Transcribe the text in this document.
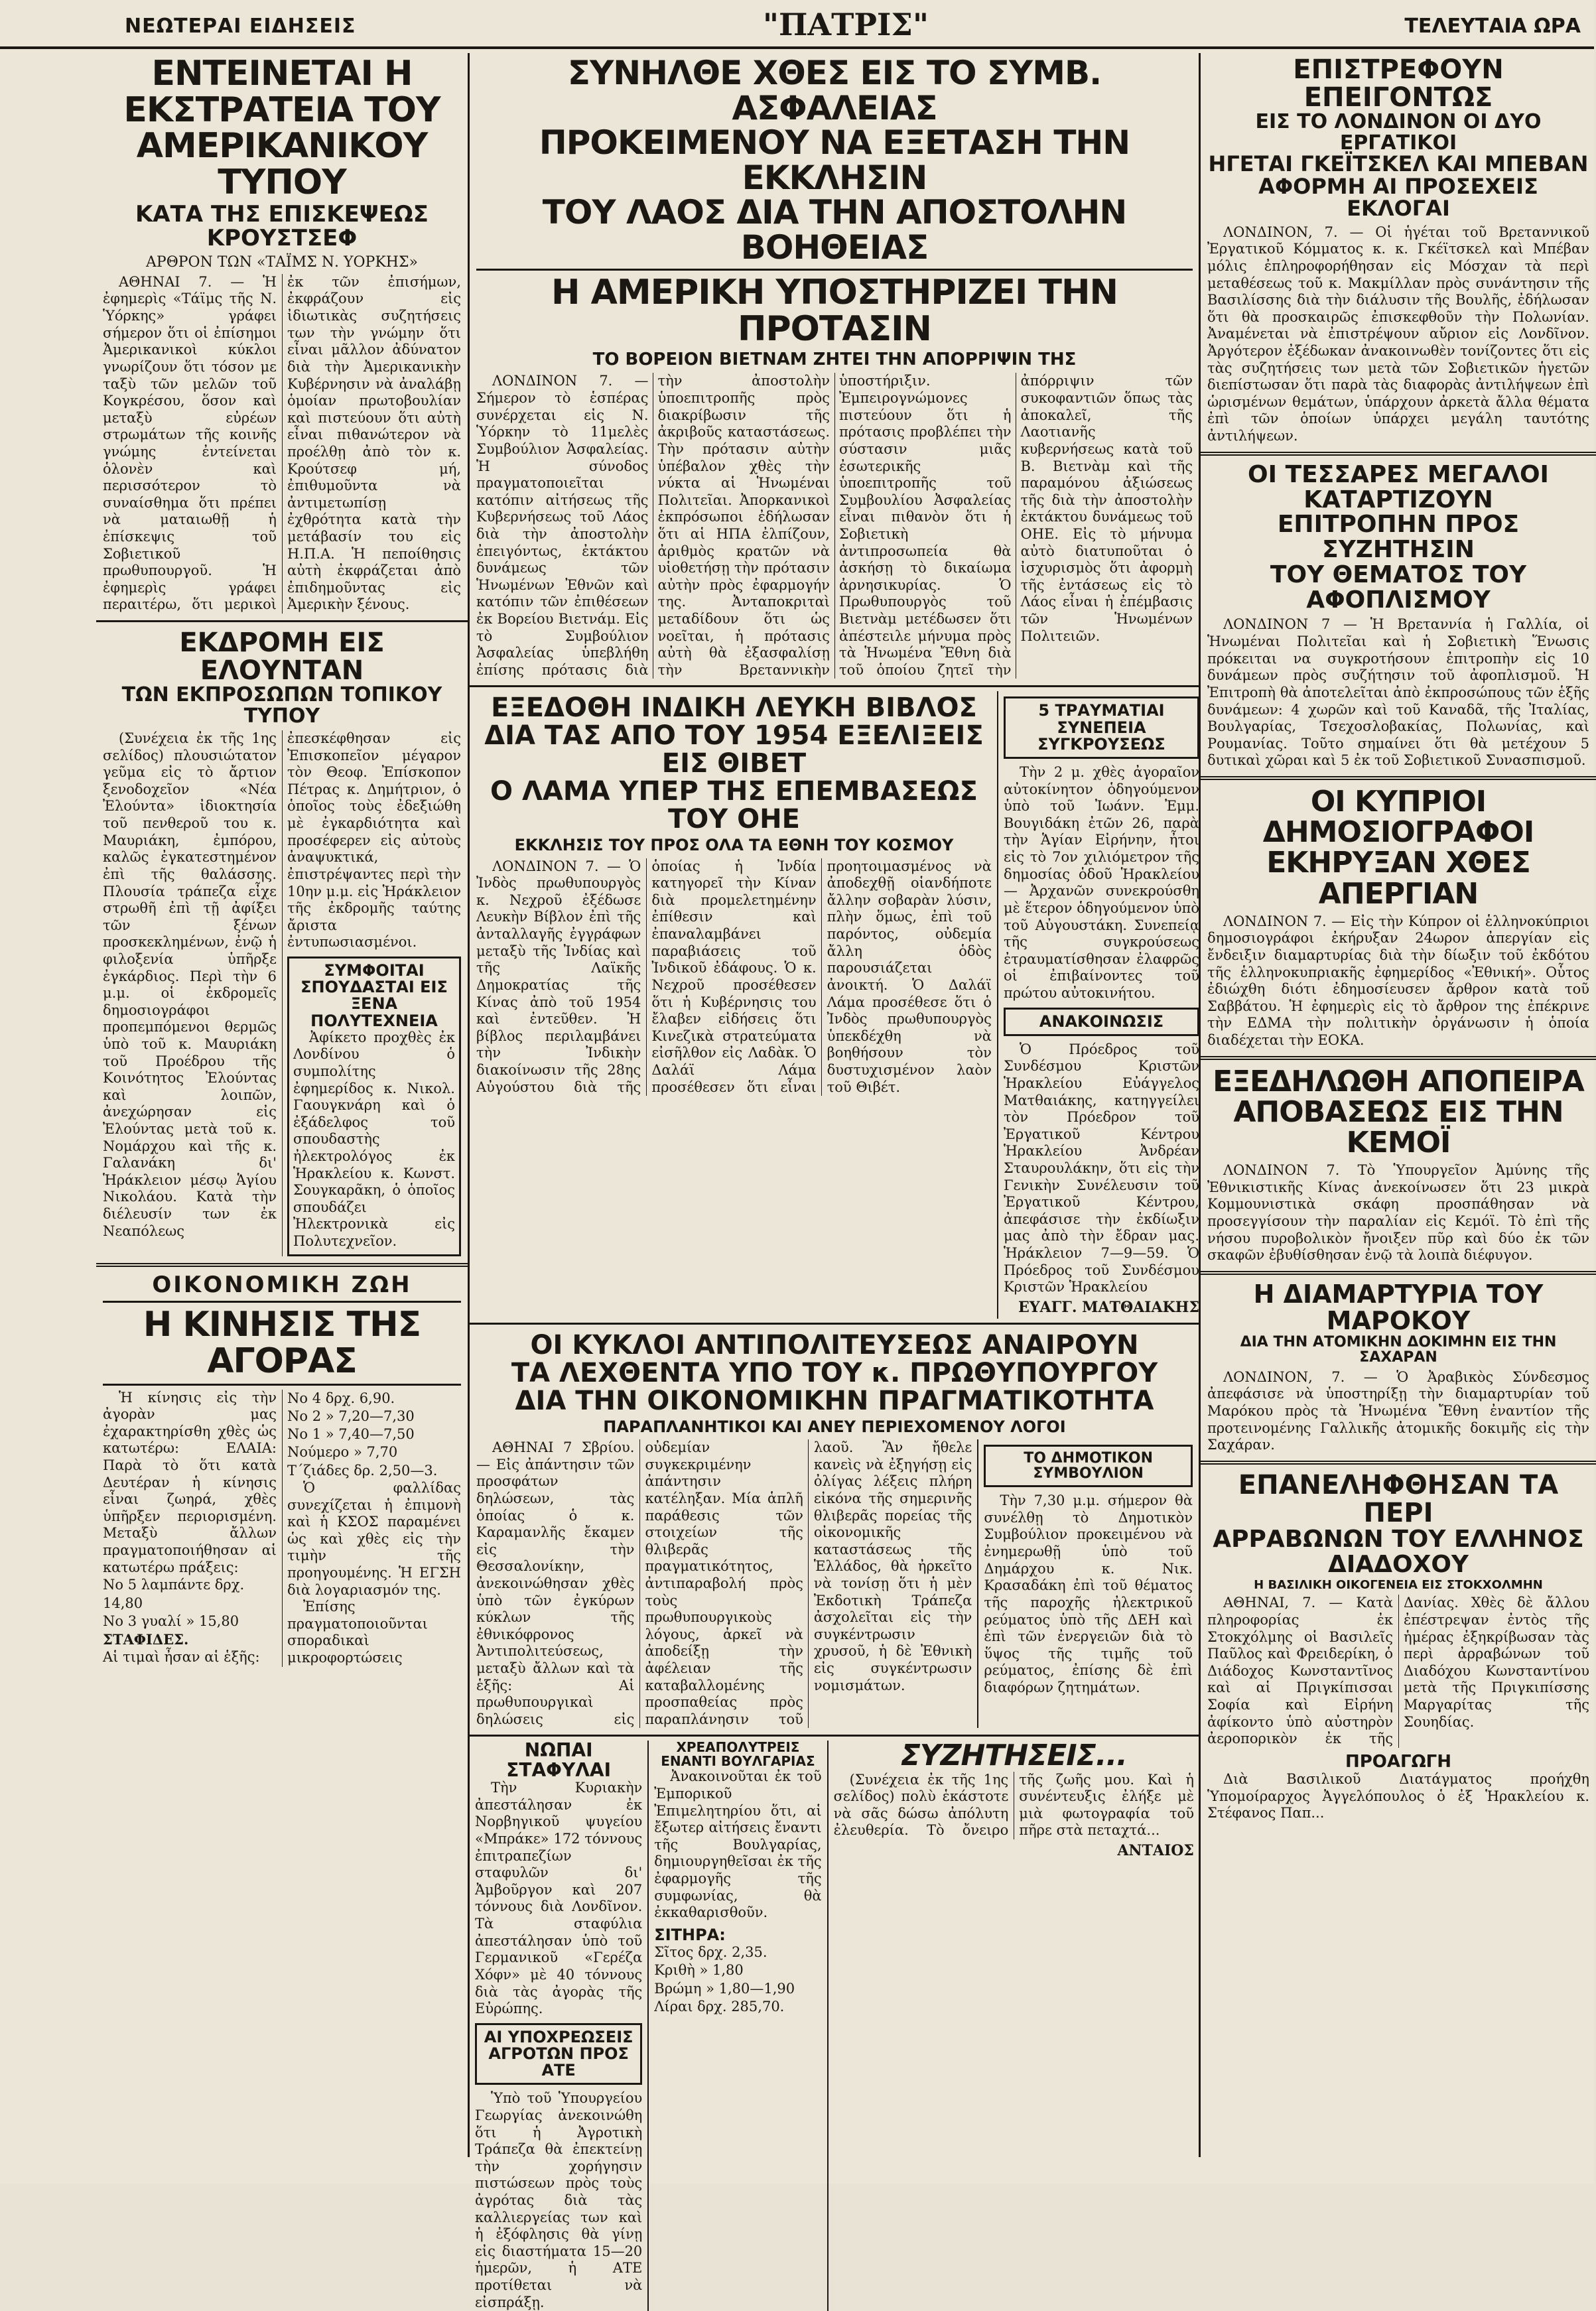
ΝΕΩΤΕΡΑΙ ΕΙΔΗΣΕΙΣ	"ΠΑΤΡΙΣ"	ΤΕΛΕΥΤΑΙΑ ΩΡΑ
ΕΝΤΕΙΝΕΤΑΙ Η ΕΚΣΤΡΑΤΕΙΑ ΤΟΥ ΑΜΕΡΙΚΑΝΙΚΟΥ ΤΥΠΟΥ
ΚΑΤΑ ΤΗΣ ΕΠΙΣΚΕΨΕΩΣ ΚΡΟΥΣΤΣΕΦ
ΑΡΘΡΟΝ ΤΩΝ «ΤΑΪΜΣ Ν. ΥΟΡΚΗΣ»

ΑΘΗΝΑΙ 7. — Ἡ ἐφημερὶς «Τάϊμς τῆς Ν. Ὑόρκης» γράφει σήμερον ὅτι οἱ ἐπίσημοι Ἀμερικανικοὶ κύκλοι γνωρίζουν ὅτι τόσον με ταξὺ τῶν μελῶν τοῦ Κογκρέσου, ὅσον καὶ μεταξὺ εὐρέων στρωμάτων τῆς κοινῆς γνώμης ἐντείνεται ὁλονὲν καὶ περισσότερον τὸ συναίσθημα ὅτι πρέπει νὰ ματαιωθῇ ἡ ἐπίσκεψις τοῦ Σοβιετικοῦ πρωθυπουργοῦ. Ἡ ἐφημερὶς γράφει περαιτέρω, ὅτι μερικοὶ ἐκ τῶν ἐπισήμων, ἐκφράζουν εἰς ἰδιωτικὰς συζητήσεις των τὴν γνώμην ὅτι εἶναι μᾶλλον ἀδύνατον διὰ τὴν Ἀμερικανικὴν Κυβέρνησιν νὰ ἀναλάβῃ ὁμοίαν πρωτοβουλίαν καὶ πιστεύουν ὅτι αὐτὴ εἶναι πιθανώτερον νὰ προέλθῃ ἀπὸ τὸν κ. Κρούτσεφ μή, ἐπιθυμοῦντα νὰ ἀντιμετωπίσῃ ἐχθρότητα κατὰ τὴν μετάβασίν του εἰς Η.Π.Α. Ἡ πεποίθησις αὐτὴ ἐκφράζεται ἀπὸ ἐπιδημοῦντας εἰς Ἀμερικὴν ξένους.

ΕΚΔΡΟΜΗ ΕΙΣ ΕΛΟΥΝΤΑΝ
ΤΩΝ ΕΚΠΡΟΣΩΠΩΝ ΤΟΠΙΚΟΥ ΤΥΠΟΥ

(Συνέχεια ἐκ τῆς 1ης σελίδος) πλουσιώτατον γεῦμα εἰς τὸ ἄρτιον ξενοδοχεῖον «Νέα Ἐλούντα» ἰδιοκτησία τοῦ πενθεροῦ του κ. Μαυριάκη, ἐμπόρου, καλῶς ἐγκατεστημένον ἐπὶ τῆς θαλάσσης. Πλουσία τράπεζα εἶχε στρωθῆ ἐπὶ τῇ ἀφίξει τῶν ξένων προσκεκλημένων, ἐνῷ ἡ φιλοξενία ὑπῆρξε ἐγκάρδιος. Περὶ τὴν 6 μ.μ. οἱ ἐκδρομεῖς δημοσιογράφοι προπεμπόμενοι θερμῶς ὑπὸ τοῦ κ. Μαυριάκη τοῦ Προέδρου τῆς Κοινότητος Ἐλούντας καὶ λοιπῶν, ἀνεχώρησαν εἰς Ἐλούντας μετὰ τοῦ κ. Νομάρχου καὶ τῆς κ. Γαλανάκη δι' Ἡράκλειον μέσῳ Ἁγίου Νικολάου. Κατὰ τὴν διέλευσίν των ἐκ Νεαπόλεως ἐπεσκέφθησαν εἰς Ἐπισκοπεῖον μέγαρον τὸν Θεοφ. Ἐπίσκοπον Πέτρας κ. Δημήτριον, ὁ ὁποῖος τοὺς ἐδεξιώθη μὲ ἐγκαρδιότητα καὶ προσέφερεν εἰς αὐτοὺς ἀναψυκτικά, ἐπιστρέψαντες περὶ τὴν 10ην μ.μ. εἰς Ἡράκλειον τῆς ἐκδρομῆς ταύτης ἄριστα ἐντυπωσιασμένοι.

ΣΥΜΦΟΙΤΑΙ ΣΠΟΥΔΑΣΤΑΙ ΕΙΣ ΞΕΝΑ ΠΟΛΥΤΕΧΝΕΙΑ

Ἀφίκετο προχθὲς ἐκ Λονδίνου ὁ συμπολίτης ἐφημερίδος κ. Νικολ. Γαουγκνάρη καὶ ὁ ἐξάδελφος τοῦ σπουδαστὴς ἠλεκτρολόγος ἐκ Ἡρακλείου κ. Κωνστ. Σουγκαρᾶκη, ὁ ὁποῖος σπουδάζει Ἠλεκτρονικὰ εἰς Πολυτεχνεῖον.

ΟΙΚΟΝΟΜΙΚΗ ΖΩΗ
Η ΚΙΝΗΣΙΣ ΤΗΣ ΑΓΟΡΑΣ

Ἡ κίνησις εἰς τὴν ἀγορὰν μας ἐχαρακτηρίσθη χθὲς ὡς κατωτέρω: ΕΛΑΙΑ: Παρὰ τὸ ὅτι κατὰ Δευτέραν ἡ κίνησις εἶναι ζωηρά, χθὲς ὑπῆρξεν περιορισμένη. Μεταξὺ ἄλλων πραγματοποιήθησαν αἱ κατωτέρω πράξεις:

Νο 5 λαμπάντε δρχ. 14,80
Νο 3 γυαλί » 15,80
ΣΤΑΦΙΔΕΣ.
Αἱ τιμαὶ ἦσαν αἱ ἑξῆς:
Νο 4 δρχ. 6,90.
Νο 2 » 7,20—7,30
Νο 1 » 7,40—7,50
Νούμερο » 7,70
Τ΄ζιάδες δρ. 2,50—3.

Ὁ φαλλίδας συνεχίζεται ἡ ἐπιμονὴ καὶ ἡ ΚΣΟΣ παραμένει ὡς καὶ χθὲς εἰς τὴν τιμὴν τῆς προηγουμένης. Ἡ ΕΓΣΗ διὰ λογαριασμόν της.

Ἐπίσης πραγματοποιοῦνται σποραδικαὶ μικροφορτώσεις

ΣΥΝΗΛΘΕ ΧΘΕΣ ΕΙΣ ΤΟ ΣΥΜΒ. ΑΣΦΑΛΕΙΑΣ
ΠΡΟΚΕΙΜΕΝΟΥ ΝΑ ΕΞΕΤΑΣΗ ΤΗΝ ΕΚΚΛΗΣΙΝ
ΤΟΥ ΛΑΟΣ ΔΙΑ ΤΗΝ ΑΠΟΣΤΟΛΗΝ ΒΟΗΘΕΙΑΣ
Η ΑΜΕΡΙΚΗ ΥΠΟΣΤΗΡΙΖΕΙ ΤΗΝ ΠΡΟΤΑΣΙΝ
ΤΟ ΒΟΡΕΙΟΝ ΒΙΕΤΝΑΜ ΖΗΤΕΙ ΤΗΝ ΑΠΟΡΡΙΨΙΝ ΤΗΣ

ΛΟΝΔΙΝΟΝ 7. — Σήμερον τὸ ἑσπέρας συνέρχεται εἰς Ν. Ὑόρκην τὸ 11μελὲς Συμβούλιον Ἀσφαλείας. Ἡ σύνοδος πραγματοποιεῖται κατόπιν αἰτήσεως τῆς Κυβερνήσεως τοῦ Λάος διὰ τὴν ἀποστολὴν ἐπειγόντως, ἐκτάκτου δυνάμεως τῶν Ἡνωμένων Ἐθνῶν καὶ κατόπιν τῶν ἐπιθέσεων ἐκ Βορείου Βιετνάμ. Εἰς τὸ Συμβούλιον Ἀσφαλείας ὑπεβλήθη ἐπίσης πρότασις διὰ τὴν ἀποστολὴν ὑποεπιτροπῆς πρὸς διακρίβωσιν τῆς ἀκριβοῦς καταστάσεως. Τὴν πρότασιν αὐτὴν ὑπέβαλον χθὲς τὴν νύκτα αἱ Ἡνωμέναι Πολιτεῖαι. Ἀπορκανικοὶ ἐκπρόσωποι ἐδήλωσαν ὅτι αἱ ΗΠΑ ἐλπίζουν, ἀριθμὸς κρατῶν νὰ υἱοθετήσῃ τὴν πρότασιν αὐτὴν πρὸς ἐφαρμογήν της. Ἀνταποκριταὶ μεταδίδουν ὅτι ὡς νοεῖται, ἡ πρότασις αὐτὴ θὰ ἐξασφαλίσῃ τὴν Βρεταννικὴν ὑποστήριξιν. Ἐμπειρογνώμονες πιστεύουν ὅτι ἡ πρότασις προβλέπει τὴν σύστασιν μιᾶς ἐσωτερικῆς ὑποεπιτροπῆς τοῦ Συμβουλίου Ἀσφαλείας εἶναι πιθανὸν ὅτι ἡ Σοβιετικὴ ἀντιπροσωπεία θὰ ἀσκήσῃ τὸ δικαίωμα ἀρνησικυρίας. Ὁ Πρωθυπουργὸς τοῦ Βιετνὰμ μετέδωσεν ὅτι ἀπέστειλε μήνυμα πρὸς τὰ Ἡνωμένα Ἔθνη διὰ τοῦ ὁποίου ζητεῖ τὴν ἀπόρριψιν τῶν συκοφαντιῶν ὅπως τὰς ἀποκαλεῖ, τῆς Λαοτιανῆς κυβερνήσεως κατὰ τοῦ Β. Βιετνὰμ καὶ τῆς παραμόνου ἀξιώσεως τῆς διὰ τὴν ἀποστολὴν ἐκτάκτου δυνάμεως τοῦ ΟΗΕ. Εἰς τὸ μήνυμα αὐτὸ διατυποῦται ὁ ἰσχυρισμὸς ὅτι ἀφορμὴ τῆς ἐντάσεως εἰς τὸ Λάος εἶναι ἡ ἐπέμβασις τῶν Ἡνωμένων Πολιτειῶν.

ΕΞΕΔΟΘΗ ΙΝΔΙΚΗ ΛΕΥΚΗ ΒΙΒΛΟΣ
ΔΙΑ ΤΑΣ ΑΠΟ ΤΟΥ 1954 ΕΞΕΛΙΞΕΙΣ ΕΙΣ ΘΙΒΕΤ
Ο ΛΑΜΑ ΥΠΕΡ ΤΗΣ ΕΠΕΜΒΑΣΕΩΣ ΤΟΥ ΟΗΕ
ΕΚΚΛΗΣΙΣ ΤΟΥ ΠΡΟΣ ΟΛΑ ΤΑ ΕΘΝΗ ΤΟΥ ΚΟΣΜΟΥ

ΛΟΝΔΙΝΟΝ 7. — Ὁ Ἰνδὸς πρωθυπουργὸς κ. Νεχροῦ ἐξέδωσε Λευκὴν Βίβλον ἐπὶ τῆς ἀνταλλαγῆς ἐγγράφων μεταξὺ τῆς Ἰνδίας καὶ τῆς Λαϊκῆς Δημοκρατίας τῆς Κίνας ἀπὸ τοῦ 1954 καὶ ἐντεῦθεν. Ἡ βίβλος περιλαμβάνει τὴν Ἰνδικὴν διακοίνωσιν τῆς 28ης Αὐγούστου διὰ τῆς ὁποίας ἡ Ἰνδία κατηγορεῖ τὴν Κίναν διὰ προμελετημένην ἐπίθεσιν καὶ ἐπαναλαμβάνει παραβιάσεις τοῦ Ἰνδικοῦ ἐδάφους. Ὁ κ. Νεχροῦ προσέθεσεν ὅτι ἡ Κυβέρνησις του ἔλαβεν εἰδήσεις ὅτι Κινεζικὰ στρατεύματα εἰσῆλθον εἰς Λαδὰκ. Ὁ Δαλάϊ Λάμα προσέθεσεν ὅτι εἶναι προητοιμασμένος νὰ ἀποδεχθῇ οἱανδήποτε ἄλλην σοβαρὰν λύσιν, πλὴν ὅμως, ἐπὶ τοῦ παρόντος, οὐδεμία ἄλλη ὁδὸς παρουσιάζεται ἀνοικτή. Ὁ Δαλάϊ Λάμα προσέθεσε ὅτι ὁ Ἰνδὸς πρωθυπουργὸς ὑπεκδέχθη νὰ βοηθήσουν τὸν δυστυχισμένον λαὸν τοῦ Θιβέτ.

5 ΤΡΑΥΜΑΤΙΑΙ ΣΥΝΕΠΕΙΑ ΣΥΓΚΡΟΥΣΕΩΣ

Τὴν 2 μ. χθὲς ἀγοραῖον αὐτοκίνητον ὁδηγούμενον ὑπὸ τοῦ Ἰωάνν. Ἐμμ. Βουγιδάκη ἐτῶν 26, παρὰ τὴν Ἁγίαν Εἰρήνην, ἦτοι εἰς τὸ 7ον χιλιόμετρον τῆς δημοσίας ὁδοῦ Ἡρακλείου — Ἀρχανῶν συνεκρούσθη μὲ ἕτερον ὁδηγούμενον ὑπὸ τοῦ Αὐγουστάκη. Συνεπείᾳ τῆς συγκρούσεως ἐτραυματίσθησαν ἐλαφρῶς οἱ ἐπιβαίνοντες τοῦ πρώτου αὐτοκινήτου.

ΑΝΑΚΟΙΝΩΣΙΣ

Ὁ Πρόεδρος τοῦ Συνδέσμου Κριστῶν Ἡρακλείου Εὐάγγελος Ματθαιάκης, κατηγγείλει τὸν Πρόεδρον τοῦ Ἐργατικοῦ Κέντρου Ἡρακλείου Ἀνδρέαν Σταυρουλάκην, ὅτι εἰς τὴν Γενικὴν Συνέλευσιν τοῦ Ἐργατικοῦ Κέντρου, ἀπεφάσισε τὴν ἐκδίωξιν μας ἀπὸ τὴν ἔδραν μας. Ἡράκλειον 7—9—59. Ὁ Πρόεδρος τοῦ Συνδέσμου Κριστῶν Ἡρακλείου

ΕΥΑΓΓ. ΜΑΤΘΑΙΑΚΗΣ
ΟΙ ΚΥΚΛΟΙ ΑΝΤΙΠΟΛΙΤΕΥΣΕΩΣ ΑΝΑΙΡΟΥΝ
ΤΑ ΛΕΧΘΕΝΤΑ ΥΠΟ ΤΟΥ κ. ΠΡΩΘΥΠΟΥΡΓΟΥ
ΔΙΑ ΤΗΝ ΟΙΚΟΝΟΜΙΚΗΝ ΠΡΑΓΜΑΤΙΚΟΤΗΤΑ
ΠΑΡΑΠΛΑΝΗΤΙΚΟΙ ΚΑΙ ΑΝΕΥ ΠΕΡΙΕΧΟΜΕΝΟΥ ΛΟΓΟΙ

ΑΘΗΝΑΙ 7 Σβρίου. — Εἰς ἀπάντησιν τῶν προσφάτων δηλώσεων, τὰς ὁποίας ὁ κ. Καραμανλῆς ἔκαμεν εἰς τὴν Θεσσαλονίκην, ἀνεκοινώθησαν χθὲς ὑπὸ τῶν ἐγκύρων κύκλων τῆς ἐθνικόφρονος Ἀντιπολιτεύσεως, μεταξὺ ἄλλων καὶ τὰ ἑξῆς: Αἱ πρωθυπουργικαὶ δηλώσεις εἰς οὐδεμίαν συγκεκριμένην ἀπάντησιν κατέληξαν. Μία ἁπλῆ παράθεσις τῶν στοιχείων τῆς θλιβερᾶς πραγματικότητος, ἀντιπαραβολή πρὸς τοὺς πρωθυπουργικοὺς λόγους, ἀρκεῖ νὰ ἀποδείξῃ τὴν ἀφέλειαν τῆς καταβαλλομένης προσπαθείας πρὸς παραπλάνησιν τοῦ λαοῦ. Ἂν ἤθελε κανεὶς νὰ ἐξηγήσῃ εἰς ὀλίγας λέξεις πλήρη εἰκόνα τῆς σημερινῆς θλιβερᾶς πορείας τῆς οἰκονομικῆς καταστάσεως τῆς Ἑλλάδος, θὰ ἠρκεῖτο νὰ τονίσῃ ὅτι ἡ μὲν Ἐκδοτικὴ Τράπεζα ἀσχολεῖται εἰς τὴν συγκέντρωσιν χρυσοῦ, ἡ δὲ Ἐθνικὴ εἰς συγκέντρωσιν νομισμάτων.

ΤΟ ΔΗΜΟΤΙΚΟΝ ΣΥΜΒΟΥΛΙΟΝ

Τὴν 7,30 μ.μ. σήμερον θὰ συνέλθῃ τὸ Δημοτικὸν Συμβούλιον προκειμένου νὰ ἐνημερωθῇ ὑπὸ τοῦ Δημάρχου κ. Νικ. Κρασαδάκη ἐπὶ τοῦ θέματος τῆς παροχῆς ἠλεκτρικοῦ ρεύματος ὑπὸ τῆς ΔΕΗ καὶ ἐπὶ τῶν ἐνεργειῶν διὰ τὸ ὕψος τῆς τιμῆς τοῦ ρεύματος, ἐπίσης δὲ ἐπὶ διαφόρων ζητημάτων.

ΝΩΠΑΙ ΣΤΑΦΥΛΑΙ

Τὴν Κυριακὴν ἀπεστάλησαν ἐκ Νορβηγικοῦ ψυγείου «Μπράκε» 172 τόννους ἐπιτραπεζίων σταφυλῶν δι' Ἀμβοῦργον καὶ 207 τόννους διὰ Λονδῖνον. Τὰ σταφύλια ἀπεστάλησαν ὑπὸ τοῦ Γερμανικοῦ «Γερέζα Χόφν» μὲ 40 τόννους διὰ τὰς ἀγορὰς τῆς Εὐρώπης.

ΑΙ ΥΠΟΧΡΕΩΣΕΙΣ ΑΓΡΟΤΩΝ ΠΡΟΣ ΑΤΕ

Ὑπὸ τοῦ Ὑπουργείου Γεωργίας ἀνεκοινώθη ὅτι ἡ Ἀγροτικὴ Τράπεζα θὰ ἐπεκτείνῃ τὴν χορήγησιν πιστώσεων πρὸς τοὺς ἀγρότας διὰ τὰς καλλιεργείας των καὶ ἡ ἐξόφλησις θὰ γίνῃ εἰς διαστήματα 15—20 ἡμερῶν, ἡ ΑΤΕ προτίθεται νὰ εἰσπράξῃ.

ΧΡΕΑΠΟΛΥΤΡΕΙΣ ΕΝΑΝΤΙ ΒΟΥΛΓΑΡΙΑΣ

Ἀνακοινοῦται ἐκ τοῦ Ἐμπορικοῦ Ἐπιμελητηρίου ὅτι, αἱ ἔξωτερ αἰτήσεις ἔναντι τῆς Βουλγαρίας, δημιουργηθεῖσαι ἐκ τῆς ἐφαρμογῆς τῆς συμφωνίας, θὰ ἐκκαθαρισθοῦν.

ΣΙΤΗΡΑ:
Σῖτος δρχ. 2,35.
Κριθὴ » 1,80
Βρώμη » 1,80—1,90
Λίραι δρχ. 285,70.
ΣΥΖΗΤΗΣΕΙΣ...

(Συνέχεια ἐκ τῆς 1ης σελίδος) πολὺ ἑκάστοτε νὰ σᾶς δώσω ἀπόλυτη ἐλευθερία. Τὸ ὄνειρο τῆς ζωῆς μου. Καὶ ἡ συνέντευξις ἐλήξε μὲ μιὰ φωτογραφία τοῦ πῆρε στὰ πεταχτά...

ΑΝΤΑΙΟΣ
ΕΠΙΣΤΡΕΦΟΥΝ ΕΠΕΙΓΟΝΤΩΣ
ΕΙΣ ΤΟ ΛΟΝΔΙΝΟΝ ΟΙ ΔΥΟ ΕΡΓΑΤΙΚΟΙ
ΗΓΕΤΑΙ ΓΚΕΪΤΣΚΕΛ ΚΑΙ ΜΠΕΒΑΝ
ΑΦΟΡΜΗ ΑΙ ΠΡΟΣΕΧΕΙΣ ΕΚΛΟΓΑΙ

ΛΟΝΔΙΝΟΝ, 7. — Οἱ ἡγέται τοῦ Βρεταννικοῦ Ἐργατικοῦ Κόμματος κ. κ. Γκέϊτσκελ καὶ Μπέβαν μόλις ἐπληροφορήθησαν εἰς Μόσχαν τὰ περὶ μεταθέσεως τοῦ κ. Μακμίλλαν πρὸς συνάντησιν τῆς Βασιλίσσης διὰ τὴν διάλυσιν τῆς Βουλῆς, ἐδήλωσαν ὅτι θὰ προσκαιρῶς ἐπισκεφθοῦν τὴν Πολωνίαν. Ἀναμένεται νὰ ἐπιστρέψουν αὔριον εἰς Λονδῖνον. Ἀργότερον ἐξέδωκαν ἀνακοινωθὲν τονίζοντες ὅτι εἰς τὰς συζητήσεις των μετὰ τῶν Σοβιετικῶν ἡγετῶν διεπίστωσαν ὅτι παρὰ τὰς διαφορὰς ἀντιλήψεων ἐπὶ ὡρισμένων θεμάτων, ὑπάρχουν ἀρκετὰ ἄλλα θέματα ἐπὶ τῶν ὁποίων ὑπάρχει μεγάλη ταυτότης ἀντιλήψεων.

ΟΙ ΤΕΣΣΑΡΕΣ ΜΕΓΑΛΟΙ ΚΑΤΑΡΤΙΖΟΥΝ
ΕΠΙΤΡΟΠΗΝ ΠΡΟΣ ΣΥΖΗΤΗΣΙΝ
ΤΟΥ ΘΕΜΑΤΟΣ ΤΟΥ ΑΦΟΠΛΙΣΜΟΥ

ΛΟΝΔΙΝΟΝ 7 — Ἡ Βρεταννία ἡ Γαλλία, οἱ Ἡνωμέναι Πολιτεῖαι καὶ ἡ Σοβιετικὴ Ἕνωσις πρόκειται να συγκροτήσουν ἐπιτροπὴν εἰς 10 δυνάμεων πρὸς συζήτησιν τοῦ ἀφοπλισμοῦ. Ἡ Ἐπιτροπὴ θὰ ἀποτελεῖται ἀπὸ ἐκπροσώπους τῶν ἑξῆς δυνάμεων: 4 χωρῶν καὶ τοῦ Καναδᾶ, τῆς Ἰταλίας, Βουλγαρίας, Τσεχοσλοβακίας, Πολωνίας, καὶ Ρουμανίας. Τοῦτο σημαίνει ὅτι θὰ μετέχουν 5 δυτικαὶ χῶραι καὶ 5 ἐκ τοῦ Σοβιετικοῦ Συνασπισμοῦ.

ΟΙ ΚΥΠΡΙΟΙ ΔΗΜΟΣΙΟΓΡΑΦΟΙ
ΕΚΗΡΥΞΑΝ ΧΘΕΣ ΑΠΕΡΓΙΑΝ

ΛΟΝΔΙΝΟΝ 7. — Εἰς τὴν Κύπρον οἱ ἑλληνοκύπριοι δημοσιογράφοι ἐκήρυξαν 24ωρον ἀπεργίαν εἰς ἔνδειξιν διαμαρτυρίας διὰ τὴν δίωξιν τοῦ ἐκδότου τῆς ἑλληνοκυπριακῆς ἐφημερίδος «Ἐθνική». Οὗτος ἐδιώχθη διότι ἐδημοσίευσεν ἄρθρον κατὰ τοῦ Σαββάτου. Ἡ ἐφημερὶς εἰς τὸ ἄρθρον της ἐπέκρινε τὴν ΕΔΜΑ τὴν πολιτικὴν ὀργάνωσιν ἡ ὁποία διαδέχεται τὴν ΕΟΚΑ.

ΕΞΕΔΗΛΩΘΗ ΑΠΟΠΕΙΡΑ
ΑΠΟΒΑΣΕΩΣ ΕΙΣ ΤΗΝ ΚΕΜΟΪ

ΛΟΝΔΙΝΟΝ 7. Τὸ Ὑπουργεῖον Ἀμύνης τῆς Ἐθνικιστικῆς Κίνας ἀνεκοίνωσεν ὅτι 23 μικρὰ Κομμουνιστικὰ σκάφη προσπάθησαν νὰ προσεγγίσουν τὴν παραλίαν εἰς Κεμόϊ. Τὸ ἐπὶ τῆς νήσου πυροβολικὸν ἤνοιξεν πῦρ καὶ δύο ἐκ τῶν σκαφῶν ἐβυθίσθησαν ἐνῷ τὰ λοιπὰ διέφυγον.

Η ΔΙΑΜΑΡΤΥΡΙΑ ΤΟΥ ΜΑΡΟΚΟΥ
ΔΙΑ ΤΗΝ ΑΤΟΜΙΚΗΝ ΔΟΚΙΜΗΝ ΕΙΣ ΤΗΝ ΣΑΧΑΡΑΝ

ΛΟΝΔΙΝΟΝ, 7. — Ὁ Ἀραβικὸς Σύνδεσμος ἀπεφάσισε νὰ ὑποστηρίξῃ τὴν διαμαρτυρίαν τοῦ Μαρόκου πρὸς τὰ Ἡνωμένα Ἔθνη ἐναντίον τῆς προτεινομένης Γαλλικῆς ἀτομικῆς δοκιμῆς εἰς τὴν Σαχάραν.

ΕΠΑΝΕΛΗΦΘΗΣΑΝ ΤΑ ΠΕΡΙ
ΑΡΡΑΒΩΝΩΝ ΤΟΥ ΕΛΛΗΝΟΣ ΔΙΑΔΟΧΟΥ
Η ΒΑΣΙΛΙΚΗ ΟΙΚΟΓΕΝΕΙΑ ΕΙΣ ΣΤΟΚΧΟΛΜΗΝ

ΑΘΗΝΑΙ, 7. — Κατὰ πληροφορίας ἐκ Στοκχόλμης οἱ Βασιλεῖς Παῦλος καὶ Φρειδερίκη, ὁ Διάδοχος Κωνσταντῖνος καὶ αἱ Πριγκίπισσαι Σοφία καὶ Εἰρήνη ἀφίκοντο ὑπὸ αὐστηρὸν ἀεροπορικὸν ἐκ τῆς Δανίας. Χθὲς δὲ ἄλλου ἐπέστρεψαν ἐντὸς τῆς ἡμέρας ἐξηκρίβωσαν τὰς περὶ ἀρραβώνων τοῦ Διαδόχου Κωνσταντίνου μετὰ τῆς Πριγκιπίσσης Μαργαρίτας τῆς Σουηδίας.

ΠΡΟΑΓΩΓΗ

Διὰ Βασιλικοῦ Διατάγματος προήχθη Ὑπομοίραρχος Ἀγγελόπουλος ὁ ἐξ Ἡρακλείου κ. Στέφανος Παπ...
